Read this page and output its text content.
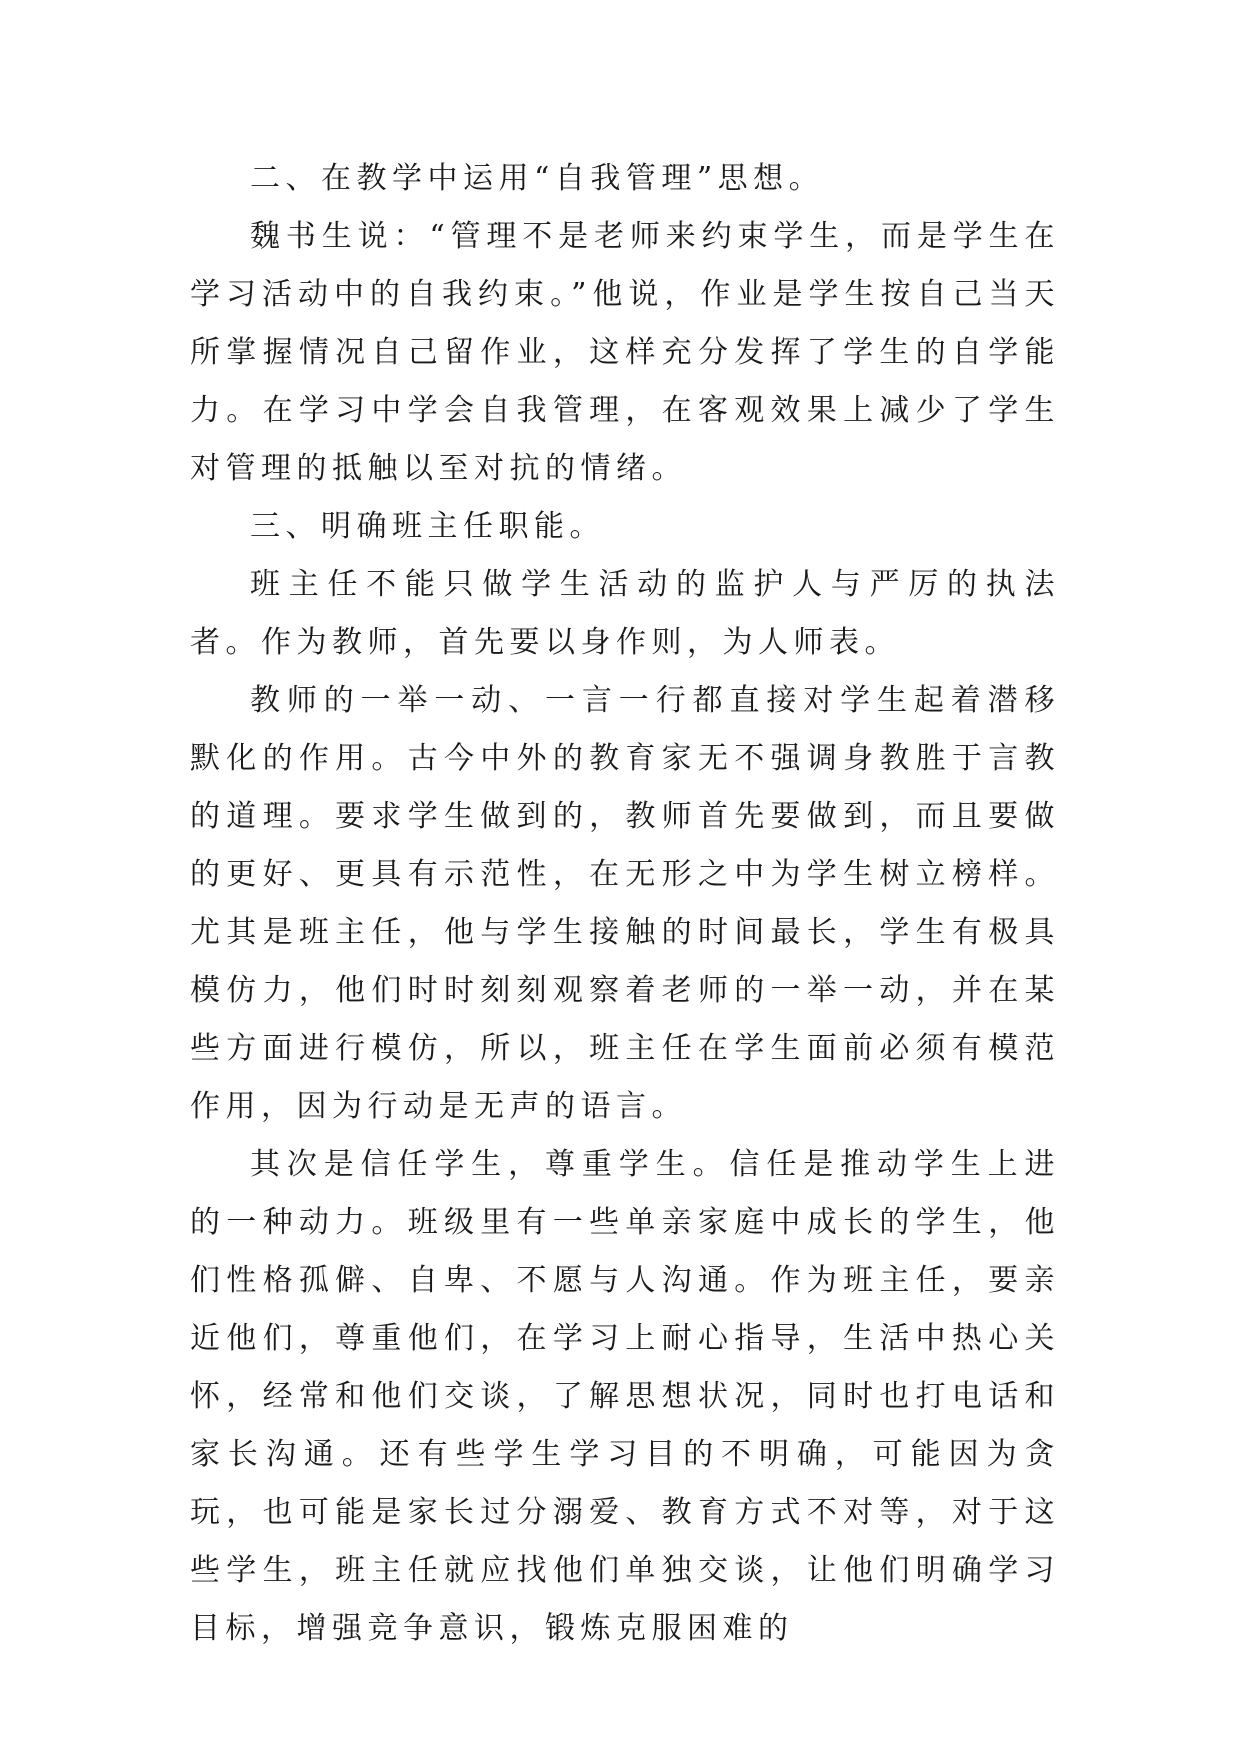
二、在教学中运用“自我管理”思想。

魏书生说：“管理不是老师来约束学生，而是学生在学习活动中的自我约束。”他说，作业是学生按自己当天所掌握情况自己留作业，这样充分发挥了学生的自学能力。在学习中学会自我管理，在客观效果上减少了学生对管理的抵触以至对抗的情绪。

三、明确班主任职能。

班主任不能只做学生活动的监护人与严厉的执法者。作为教师，首先要以身作则，为人师表。

教师的一举一动、一言一行都直接对学生起着潜移默化的作用。古今中外的教育家无不强调身教胜于言教的道理。要求学生做到的，教师首先要做到，而且要做的更好、更具有示范性，在无形之中为学生树立榜样。尤其是班主任，他与学生接触的时间最长，学生有极具模仿力，他们时时刻刻观察着老师的一举一动，并在某些方面进行模仿，所以，班主任在学生面前必须有模范作用，因为行动是无声的语言。

其次是信任学生，尊重学生。信任是推动学生上进的一种动力。班级里有一些单亲家庭中成长的学生，他们性格孤僻、自卑、不愿与人沟通。作为班主任，要亲近他们，尊重他们，在学习上耐心指导，生活中热心关怀，经常和他们交谈，了解思想状况，同时也打电话和家长沟通。还有些学生学习目的不明确，可能因为贪玩，也可能是家长过分溺爱、教育方式不对等，对于这些学生，班主任就应找他们单独交谈，让他们明确学习目标，增强竞争意识，锻炼克服困难的
